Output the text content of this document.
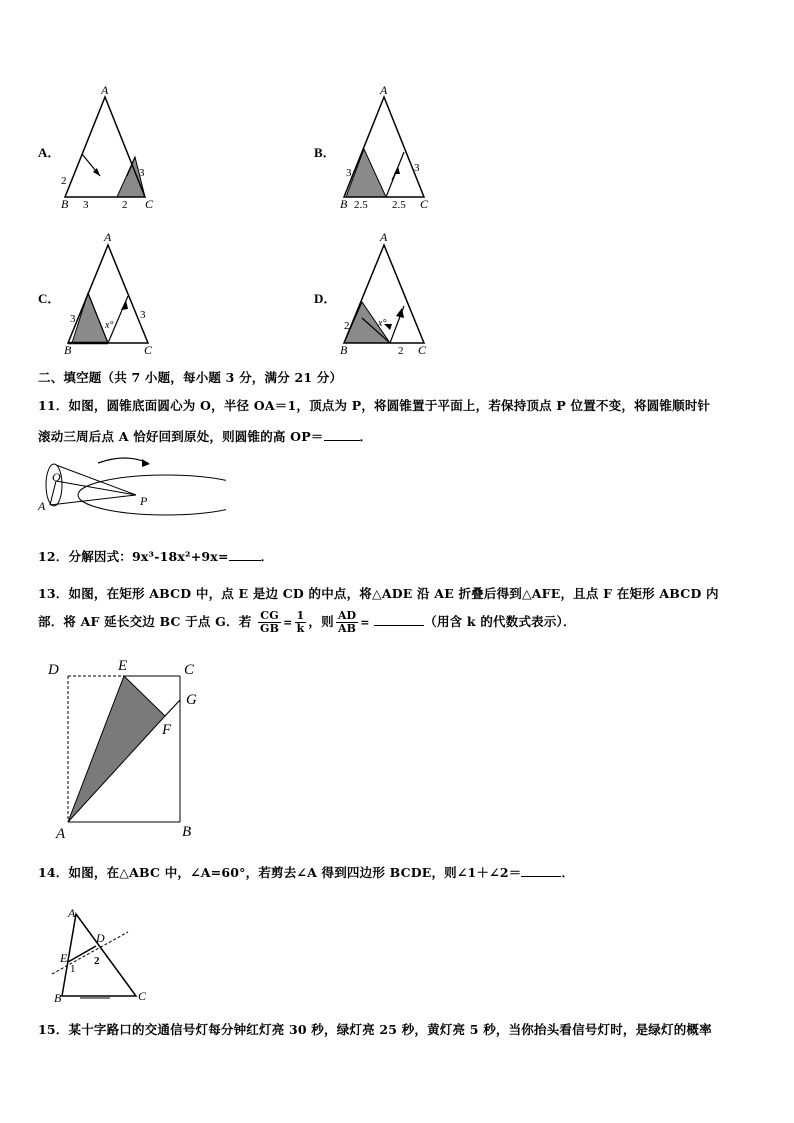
A．
A
B	C
2
3
3	2
B．
A
B	C
3	3
2.5 2.5
C．
A
B	C
3	3
x°
D．
A
B	C
2
2
x°
二、填空题（共 7 小题，每小题 3 分，满分 21 分）
11．如图，圆锥底面圆心为 O，半径 OA＝1，顶点为 P，将圆锥置于平面上，若保持顶点 P 位置不变，将圆锥顺时针
滚动三周后点 A 恰好回到原处，则圆锥的高 OP＝	．
O
A	P
12．分解因式：9x³-18x²+9x=	．
13．如图，在矩形 ABCD 中，点 E 是边 CD 的中点，将△ADE 沿 AE 折叠后得到△AFE，且点 F 在矩形 ABCD 内
部．将 AF 延长交边 BC 于点 G．若 $\frac{CG}{GB} = \frac{1}{k}$ ，则 $\frac{AD}{AB}$ =	（用含 k 的代数式表示）．
D	E	C
G
F
A	B
14．如图，在△ABC 中，∠A=60°，若剪去∠A 得到四边形 BCDE，则∠1＋∠2＝	．
A
D
E
B	C
1
2
15．某十字路口的交通信号灯每分钟红灯亮 30 秒，绿灯亮 25 秒，黄灯亮 5 秒，当你抬头看信号灯时，是绿灯的概率
